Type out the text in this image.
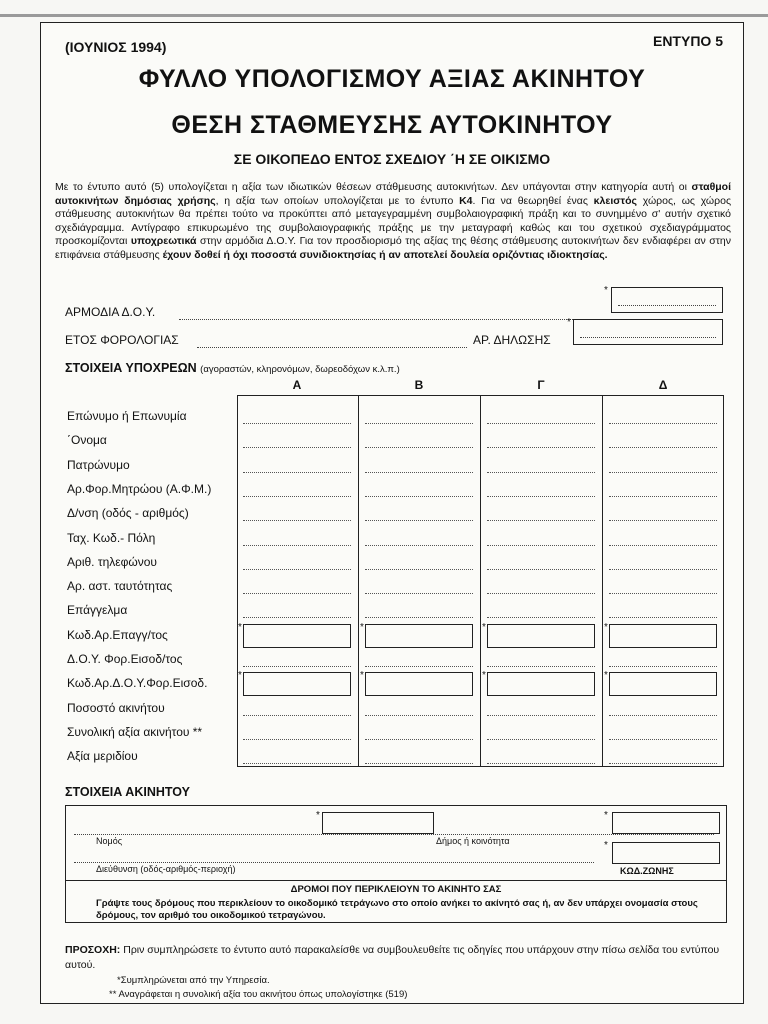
(ΙΟΥΝΙΟΣ 1994)	ΕΝΤΥΠΟ 5
ΦΥΛΛΟ ΥΠΟΛΟΓΙΣΜΟΥ ΑΞΙΑΣ ΑΚΙΝΗΤΟΥ
ΘΕΣΗ ΣΤΑΘΜΕΥΣΗΣ ΑΥΤΟΚΙΝΗΤΟΥ
ΣΕ ΟΙΚΟΠΕΔΟ ΕΝΤΟΣ ΣΧΕΔΙΟΥ ΄Η ΣΕ ΟΙΚΙΣΜΟ
Με το έντυπο αυτό (5) υπολογίζεται η αξία των ιδιωτικών θέσεων στάθμευσης αυτοκινήτων. Δεν υπάγονται στην κατηγορία αυτή οι σταθμοί αυτοκινήτων δημόσιας χρήσης, η αξία των οποίων υπολογίζεται με το έντυπο Κ4. Για να θεωρηθεί ένας κλειστός χώρος, ως χώρος στάθμευσης αυτοκινήτων θα πρέπει τούτο να προκύπτει από μεταγεγραμμένη συμβολαιογραφική πράξη και το συνημμένο σ' αυτήν σχετικό σχεδιάγραμμα. Αντίγραφο επικυρωμένο της συμβολαιογραφικής πράξης με την μεταγραφή καθώς και του σχετικού σχεδιαγράμματος προσκομίζονται υποχρεωτικά στην αρμόδια Δ.Ο.Υ. Για τον προσδιορισμό της αξίας της θέσης στάθμευσης αυτοκινήτων δεν ενδιαφέρει αν στην επιφάνεια στάθμευσης έχουν δοθεί ή όχι ποσοστά συνιδιοκτησίας ή αν αποτελεί δουλεία οριζόντιας ιδιοκτησίας.
ΑΡΜΟΔΙΑ Δ.Ο.Υ.
*
ΕΤΟΣ ΦΟΡΟΛΟΓΙΑΣ	ΑΡ. ΔΗΛΩΣΗΣ
*
ΣΤΟΙΧΕΙΑ ΥΠΟΧΡΕΩΝ (αγοραστών, κληρονόμων, δωρεοδόχων κ.λ.π.)
Α	Β	Γ	Δ
Επώνυμο ή Επωνυμία
΄Ονομα
Πατρώνυμο
Αρ.Φορ.Μητρώου (Α.Φ.Μ.)
Δ/νση (οδός - αριθμός)
Ταχ. Κωδ.- Πόλη
Αριθ. τηλεφώνου
Αρ. αστ. ταυτότητας
Επάγγελμα
Κωδ.Αρ.Επαγγ/τος
*	*	*	*
Δ.Ο.Υ. Φορ.Εισοδ/τος
Κωδ.Αρ.Δ.Ο.Υ.Φορ.Εισοδ.
*	*	*	*
Ποσοστό ακινήτου
Συνολική αξία ακινήτου **
Αξία μεριδίου
ΣΤΟΙΧΕΙΑ ΑΚΙΝΗΤΟΥ
*	*
Νομός	Δήμος ή κοινότητα	*
Διεύθυνση (οδός-αριθμός-περιοχή)	ΚΩΔ.ΖΩΝΗΣ
ΔΡΟΜΟΙ ΠΟΥ ΠΕΡΙΚΛΕΙΟΥΝ ΤΟ ΑΚΙΝΗΤΟ ΣΑΣ
Γράψτε τους δρόμους που περικλείουν το οικοδομικό τετράγωνο στο οποίο ανήκει το ακίνητό σας ή, αν δεν υπάρχει ονομασία στους δρόμους, τον αριθμό του οικοδομικού τετραγώνου.
ΠΡΟΣΟΧΗ: Πριν συμπληρώσετε το έντυπο αυτό παρακαλείσθε να συμβουλευθείτε τις οδηγίες που υπάρχουν στην πίσω σελίδα του εντύπου αυτού.
*Συμπληρώνεται από την Υπηρεσία.
** Αναγράφεται η συνολική αξία του ακινήτου όπως υπολογίστηκε (519)
